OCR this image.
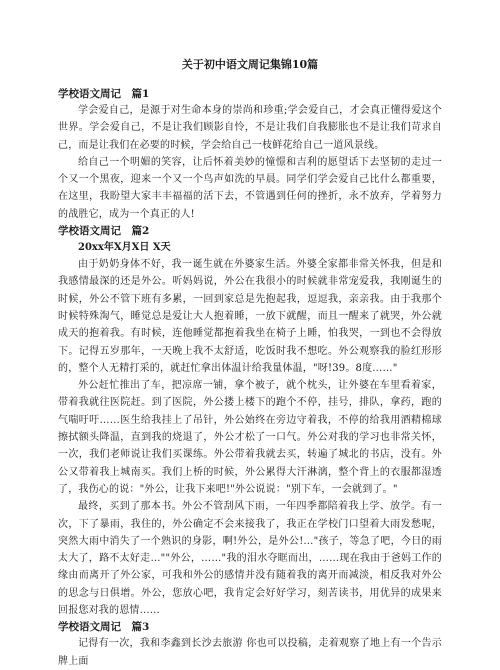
关于初中语文周记集锦10篇
学校语文周记　篇1

学会爱自己，是源于对生命本身的崇尚和珍重;学会爱自己，才会真正懂得爱这个世界。学会爱自己，不是让我们顾影自怜，不是让我们自我膨胀也不是让我们苛求自己，而是让我们在必要的时候，学会给自己一枝鲜花给自己一道风景线。

给自己一个明媚的笑容，让后怀着美妙的憧憬和吉利的愿望话下去坚韧的走过一个又一个黑夜，迎来一个又一个鸟声如洗的早晨。同学们学会爱自己比什么都重要，在这里，我盼望大家丰丰福福的活下去，不管遇到任何的挫折，永不放弃，学着努力的战胜它，成为一个真正的人!

学校语文周记　篇2

20xx年X月X日 X天

由于奶奶身体不好，我一诞生就在外婆家生活。外婆全家都非常关怀我，但是和我感情最深的还是外公。听妈妈说，外公在我很小的时候就非常宠爱我，我刚诞生的时候，外公不管下班有多累，一回到家总是先抱起我，逗逗我，亲亲我。由于我那个时候特殊淘气，睡觉总是爱让大人抱着睡，一放下就醒，而且一醒来了就哭，外公就成天的抱着我。有时候，连他睡觉都抱着我坐在椅子上睡，怕我哭，一到也不会得放下。记得五岁那年，一天晚上我不太舒适，吃饭时我不想吃。外公观察我的脸红形形的，整个人无精打采的，就赶忙拿出体温计给我量体温，"呀!39。8度……"

外公赶忙推出了车，把凉席一铺，拿个被子，就个枕头，让外婆在车里看着家，带着我就往医院赶。到了医院，外公搂上楼下的跑个不停，挂号，排队，拿药，跑的气喘吁吁……医生给我挂上了吊针，外公始终在旁边守着我，不停的给我用酒精棉球擦拭额头降温，直到我的烧退了，外公才松了一口气。外公对我的学习也非常关怀，一次，我们老师说让我们买课练。外公带着我就去买，转遍了城北的书店，没有。外公又带着我上城南买。我们上桥的时候，外公累得大汗淋漓，整个背上的衣服都湿透了，我伤心的说："外公，让我下来吧!"外公说说："别下车，一会就到了。"

最终，买到了那本书。外公不管刮风下雨，一年四季都陪着我上学、放学。有一次，下了暴雨，我住的，外公确定不会来接我了，我正在学校门口望着大雨发愁呢，突然大雨中消失了一个熟识的身影，啊!外公，是外公!…"孩子，等急了吧，今日的雨太大了，路不太好走…""外公，……"我的泪水夺眶而出，……现在我由于爸妈工作的缘由而离开了外公家，可我和外公的感情并没有随着我的离开而减淡，相反我对外公的思念与日俱增。外公，您放心吧，我肯定会好好学习，刻苦读书，用优异的成果来回报您对我的恩情……

学校语文周记　篇3

记得有一次，我和李鑫到长沙去旅游 你也可以投稿，走着观察了地上有一个告示牌上面
